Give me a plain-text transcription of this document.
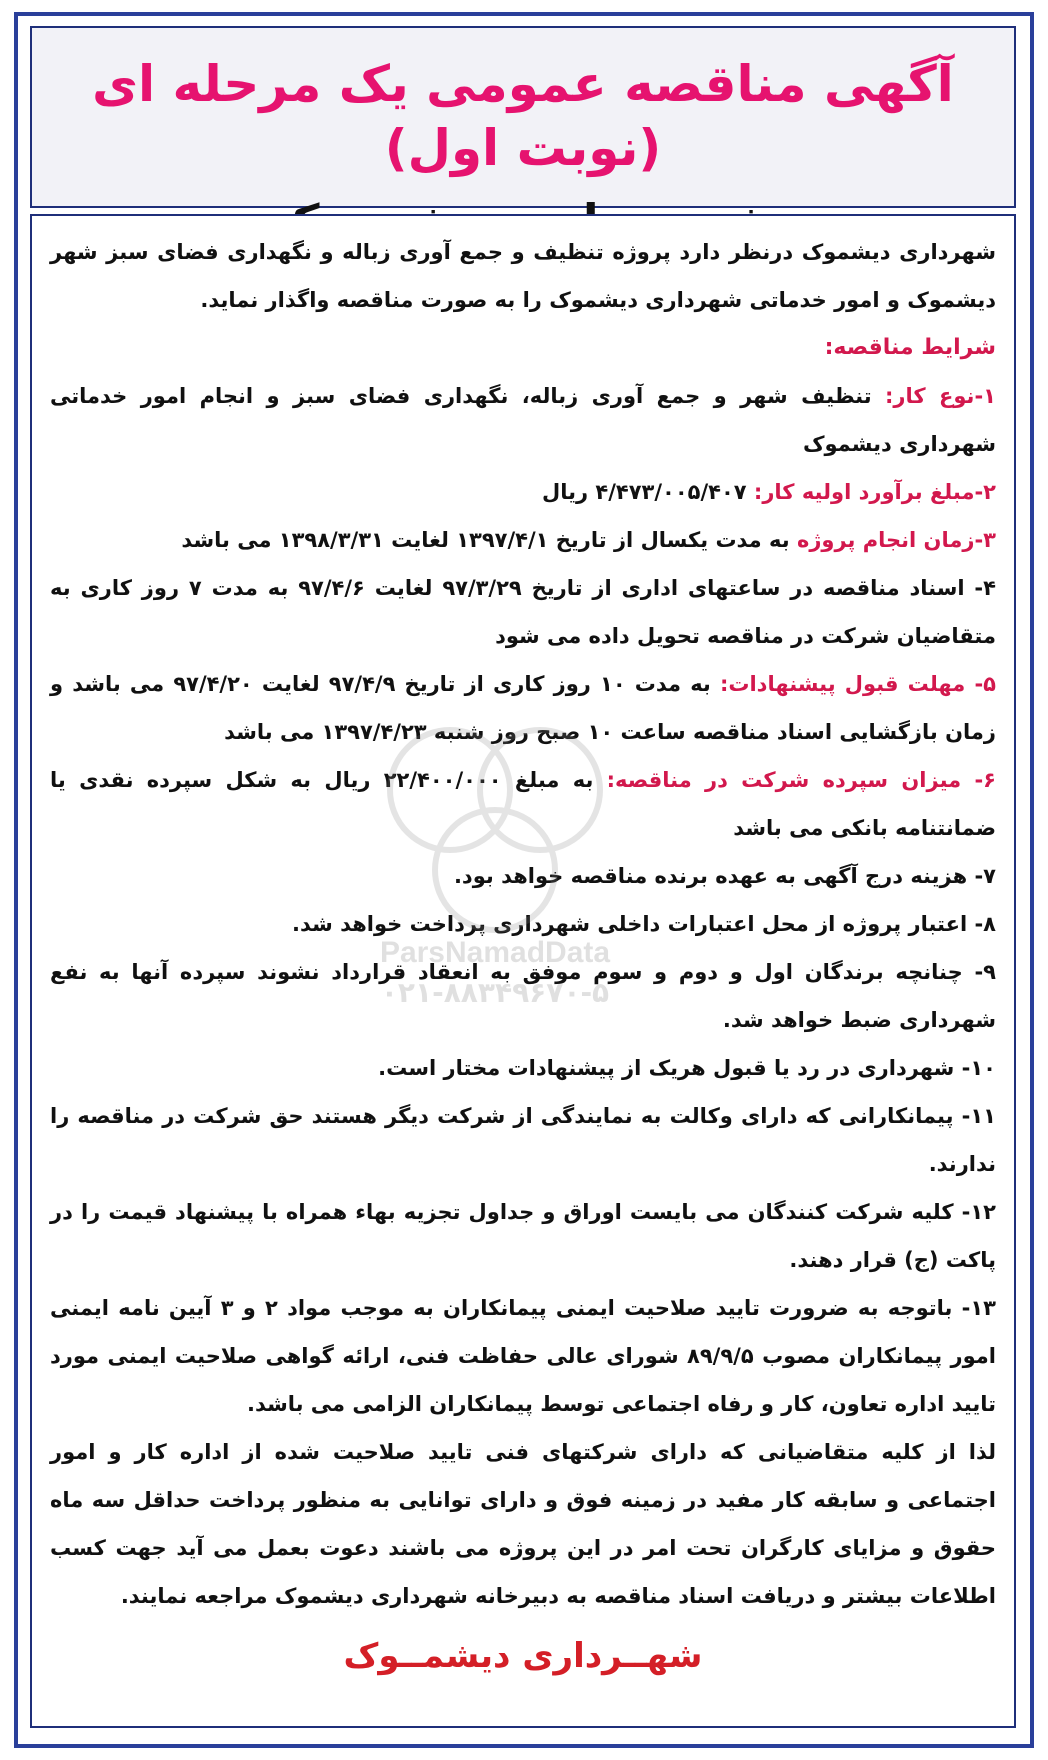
آگهی مناقصه عمومی یک مرحله ای (نوبت اول)

شهرداری دیشموک درنظر دارد پروژه تنظیف و جمع آوری زباله و نگهداری فضای سبز شهر دیشموک و امور خدماتی شهرداری دیشموک را به صورت مناقصه واگذار نماید.

شرایط مناقصه:

۱-نوع کار: تنظیف شهر و جمع آوری زباله، نگهداری فضای سبز و انجام امور خدماتی شهرداری دیشموک

۲-مبلغ برآورد اولیه کار: ۴/۴۷۳/۰۰۵/۴۰۷ ریال

۳-زمان انجام پروژه به مدت یکسال از تاریخ ۱۳۹۷/۴/۱ لغایت ۱۳۹۸/۳/۳۱ می باشد

۴- اسناد مناقصه در ساعتهای اداری از تاریخ ۹۷/۳/۲۹ لغایت ۹۷/۴/۶ به مدت ۷ روز کاری به متقاضیان شرکت در مناقصه تحویل داده می شود

۵- مهلت قبول پیشنهادات: به مدت ۱۰ روز کاری از تاریخ ۹۷/۴/۹ لغایت ۹۷/۴/۲۰ می باشد و زمان بازگشایی اسناد مناقصه ساعت ۱۰ صبح روز شنبه ۱۳۹۷/۴/۲۳ می باشد

۶- میزان سپرده شرکت در مناقصه: به مبلغ ۲۲/۴۰۰/۰۰۰ ریال به شکل سپرده نقدی یا ضمانتنامه بانکی می باشد

۷- هزینه درج آگهی به عهده برنده مناقصه خواهد بود.

۸- اعتبار پروژه از محل اعتبارات داخلی شهرداری پرداخت خواهد شد.

۹- چنانچه برندگان اول و دوم و سوم موفق به انعقاد قرارداد نشوند سپرده آنها به نفع شهرداری ضبط خواهد شد.

۱۰- شهرداری در رد یا قبول هریک از پیشنهادات مختار است.

۱۱- پیمانکارانی که دارای وکالت به نمایندگی از شرکت دیگر هستند حق شرکت در مناقصه را ندارند.

۱۲- کلیه شرکت کنندگان می بایست اوراق و جداول تجزیه بهاء همراه با پیشنهاد قیمت را در پاکت (ج) قرار دهند.

۱۳- باتوجه به ضرورت تایید صلاحیت ایمنی پیمانکاران به موجب مواد ۲ و ۳ آیین نامه ایمنی امور پیمانکاران مصوب ۸۹/۹/۵ شورای عالی حفاظت فنی، ارائه گواهی صلاحیت ایمنی مورد تایید اداره تعاون، کار و رفاه اجتماعی توسط پیمانکاران الزامی می باشد.

لذا از کلیه متقاضیانی که دارای شرکتهای فنی تایید صلاحیت شده از اداره کار و امور اجتماعی و سابقه کار مفید در زمینه فوق و دارای توانایی به منظور پرداخت حداقل سه ماه حقوق و مزایای کارگران تحت امر در این پروژه می باشند دعوت بعمل می آید جهت کسب اطلاعات بیشتر و دریافت اسناد مناقصه به دبیرخانه شهرداری دیشموک مراجعه نمایند.

شهــرداری دیشمــوک
ParsNamadData
۰۲۱-۸۸۳۴۹۶۷۰-۵
